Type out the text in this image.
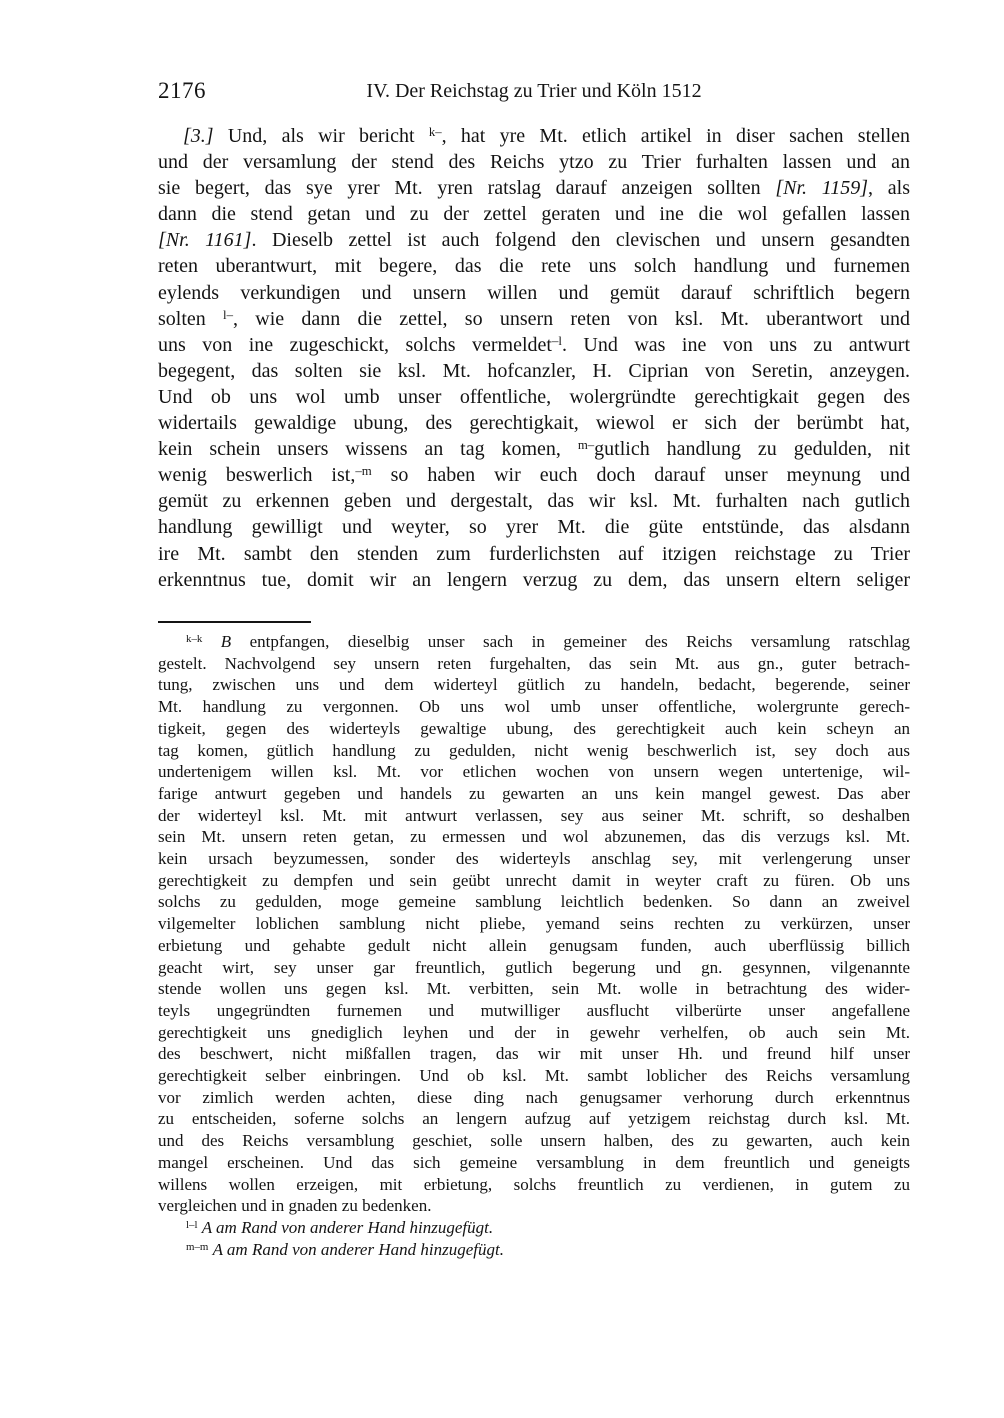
2176	IV. Der Reichstag zu Trier und Köln 1512
[3.] Und, als wir bericht $^{k-}$, hat yre Mt. etlich artikel in diser sachen stellen
und der versamlung der stend des Reichs ytzo zu Trier furhalten lassen und an
sie begert, das sye yrer Mt. yren ratslag darauf anzeigen sollten [Nr. 1159], als
dann die stend getan und zu der zettel geraten und ine die wol gefallen lassen
[Nr. 1161]. Dieselb zettel ist auch folgend den clevischen und unsern gesandten
reten uberantwurt, mit begere, das die rete uns solch handlung und furnemen
eylends verkundigen und unsern willen und gemüt darauf schriftlich begern
solten $^{l-}$, wie dann die zettel, so unsern reten von ksl. Mt. uberantwort und
uns von ine zugeschickt, solchs vermeldet$^{-l}$. Und was ine von uns zu antwurt
begegent, das solten sie ksl. Mt. hofcanzler, H. Ciprian von Seretin, anzeygen.
Und ob uns wol umb unser offentliche, wolergründte gerechtigkait gegen des
widertails gewaldige ubung, des gerechtigkait, wiewol er sich der berümbt hat,
kein schein unsers wissens an tag komen, $^{m-}$gutlich handlung zu gedulden, nit
wenig beswerlich ist,$^{-m}$ so haben wir euch doch darauf unser meynung und
gemüt zu erkennen geben und dergestalt, das wir ksl. Mt. furhalten nach gutlich
handlung gewilligt und weyter, so yrer Mt. die güte entstünde, das alsdann
ire Mt. sambt den stenden zum furderlichsten auf itzigen reichstage zu Trier
erkenntnus tue, domit wir an lengern verzug zu dem, das unsern eltern seliger
$^{k-k}$ B entpfangen, dieselbig unser sach in gemeiner des Reichs versamlung ratschlag
gestelt. Nachvolgend sey unsern reten furgehalten, das sein Mt. aus gn., guter betrach-
tung, zwischen uns und dem widerteyl gütlich zu handeln, bedacht, begerende, seiner
Mt. handlung zu vergonnen. Ob uns wol umb unser offentliche, wolergrunte gerech-
tigkeit, gegen des widerteyls gewaltige ubung, des gerechtigkeit auch kein scheyn an
tag komen, gütlich handlung zu gedulden, nicht wenig beschwerlich ist, sey doch aus
undertenigem willen ksl. Mt. vor etlichen wochen von unsern wegen untertenige, wil-
farige antwurt gegeben und handels zu gewarten an uns kein mangel gewest. Das aber
der widerteyl ksl. Mt. mit antwurt verlassen, sey aus seiner Mt. schrift, so deshalben
sein Mt. unsern reten getan, zu ermessen und wol abzunemen, das dis verzugs ksl. Mt.
kein ursach beyzumessen, sonder des widerteyls anschlag sey, mit verlengerung unser
gerechtigkeit zu dempfen und sein geübt unrecht damit in weyter craft zu füren. Ob uns
solchs zu gedulden, moge gemeine samblung leichtlich bedenken. So dann an zweivel
vilgemelter loblichen samblung nicht pliebe, yemand seins rechten zu verkürzen, unser
erbietung und gehabte gedult nicht allein genugsam funden, auch uberflüssig billich
geacht wirt, sey unser gar freuntlich, gutlich begerung und gn. gesynnen, vilgenannte
stende wollen uns gegen ksl. Mt. verbitten, sein Mt. wolle in betrachtung des wider-
teyls ungegründten furnemen und mutwilliger ausflucht vilberürte unser angefallene
gerechtigkeit uns gnediglich leyhen und der in gewehr verhelfen, ob auch sein Mt.
des beschwert, nicht mißfallen tragen, das wir mit unser Hh. und freund hilf unser
gerechtigkeit selber einbringen. Und ob ksl. Mt. sambt loblicher des Reichs versamlung
vor zimlich werden achten, diese ding nach genugsamer verhorung durch erkenntnus
zu entscheiden, soferne solchs an lengern aufzug auf yetzigem reichstag durch ksl. Mt.
und des Reichs versamblung geschiet, solle unsern halben, des zu gewarten, auch kein
mangel erscheinen. Und das sich gemeine versamblung in dem freuntlich und geneigts
willens wollen erzeigen, mit erbietung, solchs freuntlich zu verdienen, in gutem zu
vergleichen und in gnaden zu bedenken.
$^{l-l}$ A am Rand von anderer Hand hinzugefügt.
$^{m-m}$ A am Rand von anderer Hand hinzugefügt.
